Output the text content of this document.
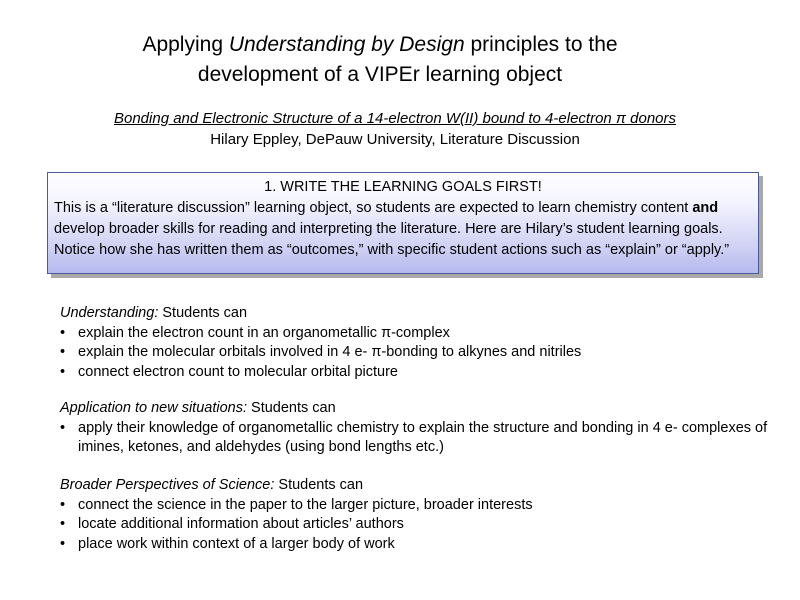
Applying Understanding by Design principles to the
development of a VIPEr learning object
Bonding and Electronic Structure of a 14-electron W(II) bound to 4-electron π donors
Hilary Eppley, DePauw University, Literature Discussion
1. WRITE THE LEARNING GOALS FIRST!
This is a “literature discussion” learning object, so students are expected to learn chemistry content and develop broader skills for reading and interpreting the literature. Here are Hilary’s student learning goals. Notice how she has written them as “outcomes,” with specific student actions such as “explain” or “apply.”
Understanding: Students can
• explain the electron count in an organometallic π-complex
• explain the molecular orbitals involved in 4 e- π-bonding to alkynes and nitriles
• connect electron count to molecular orbital picture
Application to new situations: Students can
• apply their knowledge of organometallic chemistry to explain the structure and bonding in 4 e- complexes of imines, ketones, and aldehydes (using bond lengths etc.)
Broader Perspectives of Science: Students can
• connect the science in the paper to the larger picture, broader interests
• locate additional information about articles’ authors
• place work within context of a larger body of work
